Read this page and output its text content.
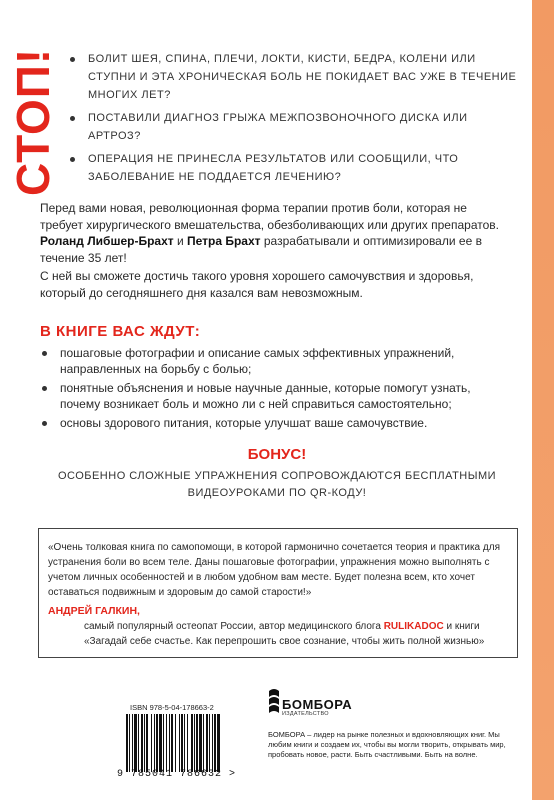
СТОП!	БОЛИТ ШЕЯ, СПИНА, ПЛЕЧИ, ЛОКТИ, КИСТИ, БЕДРА, КОЛЕНИ ИЛИ СТУПНИ И ЭТА ХРОНИЧЕСКАЯ БОЛЬ НЕ ПОКИДАЕТ ВАС УЖЕ В ТЕЧЕНИЕ МНОГИХ ЛЕТ?
ПОСТАВИЛИ ДИАГНОЗ ГРЫЖА МЕЖПОЗВОНОЧНОГО ДИСКА ИЛИ АРТРОЗ?
ОПЕРАЦИЯ НЕ ПРИНЕСЛА РЕЗУЛЬТАТОВ ИЛИ СООБЩИЛИ, ЧТО ЗАБОЛЕВАНИЕ НЕ ПОДДАЕТСЯ ЛЕЧЕНИЮ?

Перед вами новая, революционная форма терапии против боли, которая не требует хирургического вмешательства, обезболивающих или других препаратов. Роланд Либшер-Брахт и Петра Брахт разрабатывали и оптимизировали ее в течение 35 лет!

С ней вы сможете достичь такого уровня хорошего самочувствия и здоровья, который до сегодняшнего дня казался вам невозможным.

В КНИГЕ ВАС ЖДУТ:
пошаговые фотографии и описание самых эффективных упражнений, направленных на борьбу с болью;
понятные объяснения и новые научные данные, которые помогут узнать, почему возникает боль и можно ли с ней справиться самостоятельно;
основы здорового питания, которые улучшат ваше самочувствие.
БОНУС!
ОСОБЕННО СЛОЖНЫЕ УПРАЖНЕНИЯ СОПРОВОЖДАЮТСЯ БЕСПЛАТНЫМИ ВИДЕОУРОКАМИ ПО QR-КОДУ!
«Очень толковая книга по самопомощи, в которой гармонично сочетается теория и практика для устранения боли во всем теле. Даны пошаговые фотографии, упражнения можно выполнять с учетом личных особенностей и в любом удобном вам месте. Будет полезна всем, кто хочет оставаться подвижным и здоровым до самой старости!»
АНДРЕЙ ГАЛКИН,
самый популярный остеопат России, автор медицинского блога RULIKADOC и книги «Загадай себе счастье. Как перепрошить свое сознание, чтобы жить полной жизнью»
ISBN 978-5-04-178663-2
9 785041 786632 >
БОМБОРА
ИЗДАТЕЛЬСТВО
БОМБОРА – лидер на рынке полезных и вдохновляющих книг. Мы любим книги и создаем их, чтобы вы могли творить, открывать мир, пробовать новое, расти. Быть счастливыми. Быть на волне.
